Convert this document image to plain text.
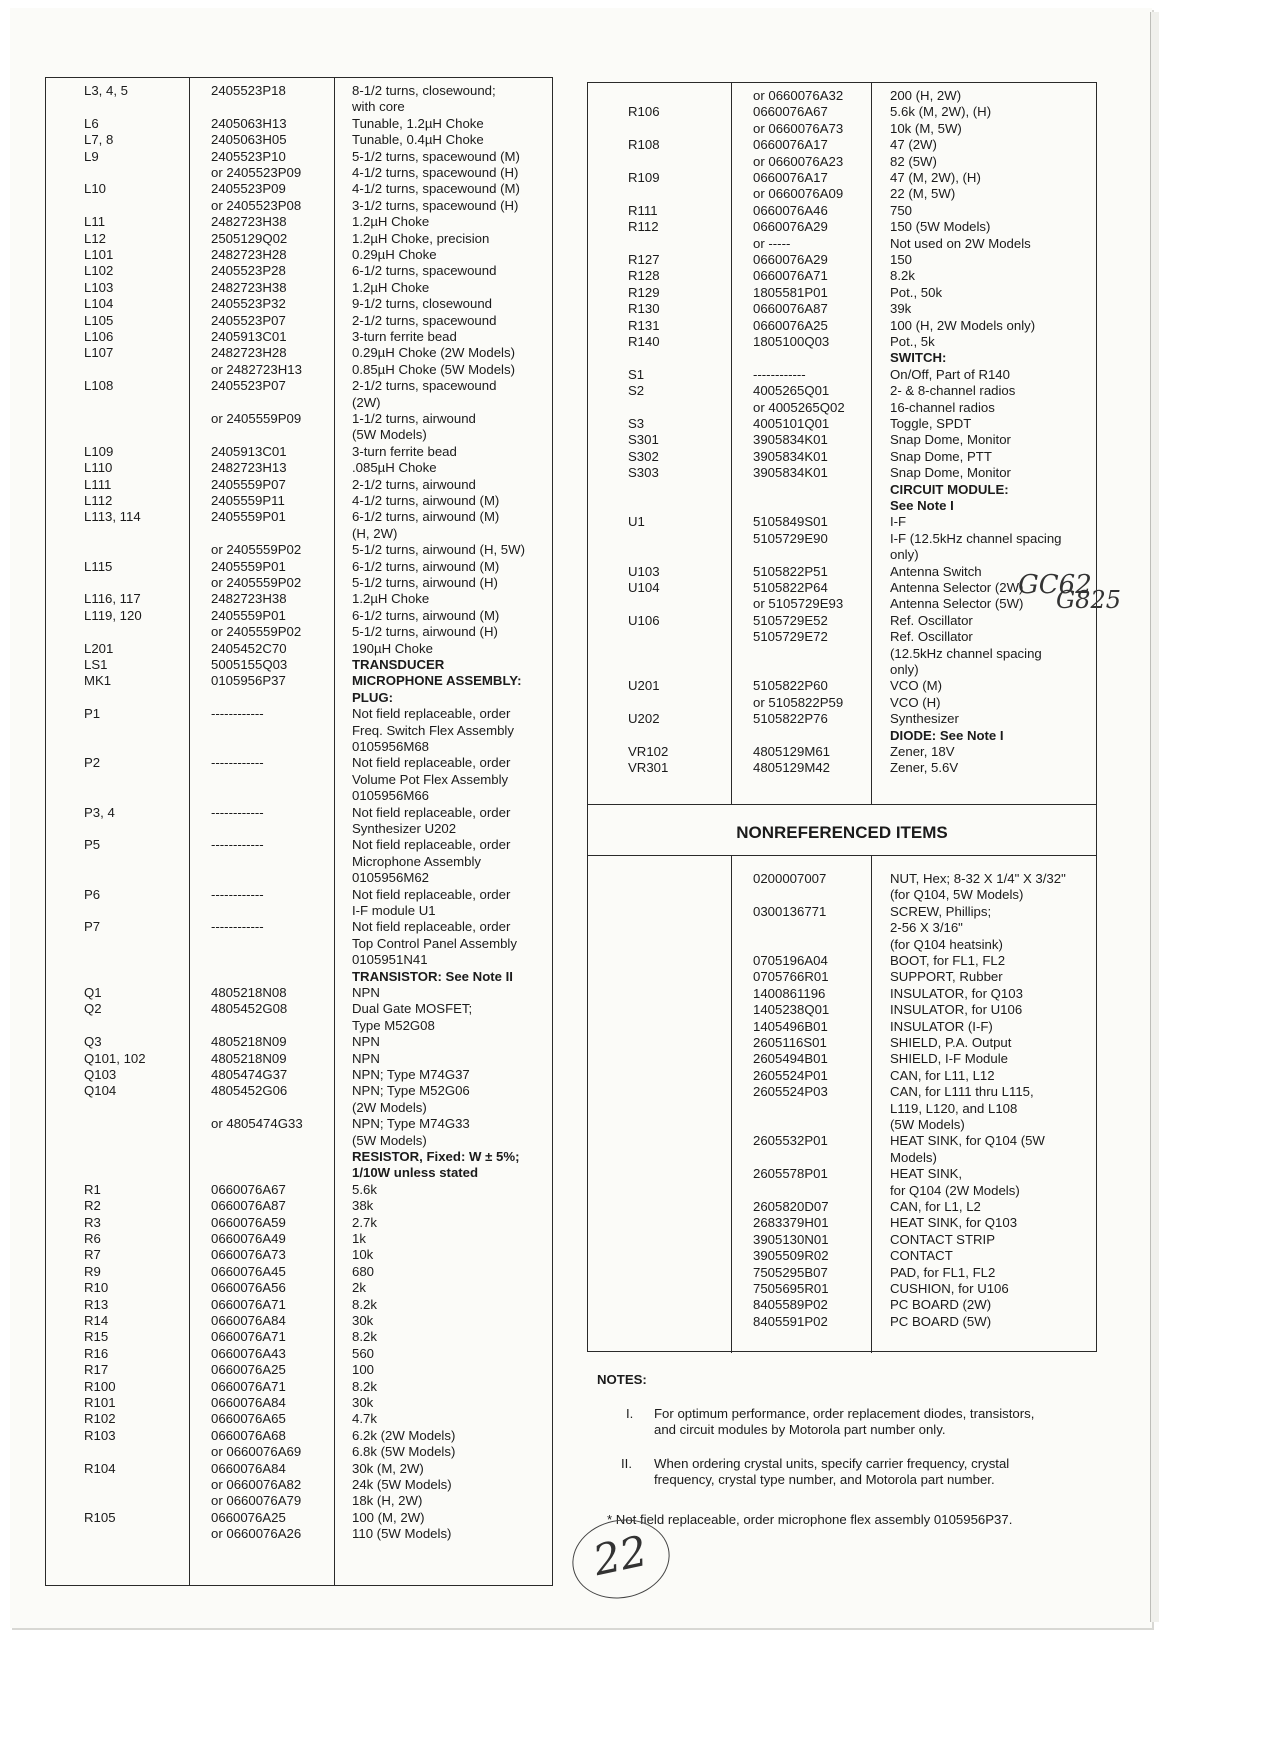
L3, 4, 5	2405523P18	8-1/2 turns, closewound;
with core
L6	2405063H13	Tunable, 1.2µH Choke
L7, 8	2405063H05	Tunable, 0.4µH Choke
L9	2405523P10	5-1/2 turns, spacewound (M)
or 2405523P09	4-1/2 turns, spacewound (H)
L10	2405523P09	4-1/2 turns, spacewound (M)
or 2405523P08	3-1/2 turns, spacewound (H)
L11	2482723H38	1.2µH Choke
L12	2505129Q02	1.2µH Choke, precision
L101	2482723H28	0.29µH Choke
L102	2405523P28	6-1/2 turns, spacewound
L103	2482723H38	1.2µH Choke
L104	2405523P32	9-1/2 turns, closewound
L105	2405523P07	2-1/2 turns, spacewound
L106	2405913C01	3-turn ferrite bead
L107	2482723H28	0.29µH Choke (2W Models)
or 2482723H13	0.85µH Choke (5W Models)
L108	2405523P07	2-1/2 turns, spacewound
(2W)
or 2405559P09	1-1/2 turns, airwound
(5W Models)
L109	2405913C01	3-turn ferrite bead
L110	2482723H13	.085µH Choke
L111	2405559P07	2-1/2 turns, airwound
L112	2405559P11	4-1/2 turns, airwound (M)
L113, 114	2405559P01	6-1/2 turns, airwound (M)
(H, 2W)
or 2405559P02	5-1/2 turns, airwound (H, 5W)
L115	2405559P01	6-1/2 turns, airwound (M)
or 2405559P02	5-1/2 turns, airwound (H)
L116, 117	2482723H38	1.2µH Choke
L119, 120	2405559P01	6-1/2 turns, airwound (M)
or 2405559P02	5-1/2 turns, airwound (H)
L201	2405452C70	190µH Choke
LS1	5005155Q03	TRANSDUCER
MK1	0105956P37	MICROPHONE ASSEMBLY:
PLUG:
P1	------------	Not field replaceable, order
Freq. Switch Flex Assembly
0105956M68
P2	------------	Not field replaceable, order
Volume Pot Flex Assembly
0105956M66
P3, 4	------------	Not field replaceable, order
Synthesizer U202
P5	------------	Not field replaceable, order
Microphone Assembly
0105956M62
P6	------------	Not field replaceable, order
I-F module U1
P7	------------	Not field replaceable, order
Top Control Panel Assembly
0105951N41
TRANSISTOR: See Note II
Q1	4805218N08	NPN
Q2	4805452G08	Dual Gate MOSFET;
Type M52G08
Q3	4805218N09	NPN
Q101, 102	4805218N09	NPN
Q103	4805474G37	NPN; Type M74G37
Q104	4805452G06	NPN; Type M52G06
(2W Models)
or 4805474G33	NPN; Type M74G33
(5W Models)
RESISTOR, Fixed: W ± 5%;
1/10W unless stated
R1	0660076A67	5.6k
R2	0660076A87	38k
R3	0660076A59	2.7k
R6	0660076A49	1k
R7	0660076A73	10k
R9	0660076A45	680
R10	0660076A56	2k
R13	0660076A71	8.2k
R14	0660076A84	30k
R15	0660076A71	8.2k
R16	0660076A43	560
R17	0660076A25	100
R100	0660076A71	8.2k
R101	0660076A84	30k
R102	0660076A65	4.7k
R103	0660076A68	6.2k (2W Models)
or 0660076A69	6.8k (5W Models)
R104	0660076A84	30k (M, 2W)
or 0660076A82	24k (5W Models)
or 0660076A79	18k (H, 2W)
R105	0660076A25	100 (M, 2W)
or 0660076A26	110 (5W Models)
NONREFERENCED ITEMS
or 0660076A32	200 (H, 2W)
R106	0660076A67	5.6k (M, 2W), (H)
or 0660076A73	10k (M, 5W)
R108	0660076A17	47 (2W)
or 0660076A23	82 (5W)
R109	0660076A17	47 (M, 2W), (H)
or 0660076A09	22 (M, 5W)
R111	0660076A46	750
R112	0660076A29	150 (5W Models)
or -----	Not used on 2W Models
R127	0660076A29	150
R128	0660076A71	8.2k
R129	1805581P01	Pot., 50k
R130	0660076A87	39k
R131	0660076A25	100 (H, 2W Models only)
R140	1805100Q03	Pot., 5k
SWITCH:
S1	------------	On/Off, Part of R140
S2	4005265Q01	2- & 8-channel radios
or 4005265Q02	16-channel radios
S3	4005101Q01	Toggle, SPDT
S301	3905834K01	Snap Dome, Monitor
S302	3905834K01	Snap Dome, PTT
S303	3905834K01	Snap Dome, Monitor
CIRCUIT MODULE:
See Note I
U1	5105849S01	I-F
5105729E90	I-F (12.5kHz channel spacing
only)
U103	5105822P51	Antenna Switch
U104	5105822P64	Antenna Selector (2W)
or 5105729E93	Antenna Selector (5W)
U106	5105729E52	Ref. Oscillator
5105729E72	Ref. Oscillator
(12.5kHz channel spacing
only)
U201	5105822P60	VCO (M)
or 5105822P59	VCO (H)
U202	5105822P76	Synthesizer
DIODE: See Note I
VR102	4805129M61	Zener, 18V
VR301	4805129M42	Zener, 5.6V
0200007007	NUT, Hex; 8-32 X 1/4" X 3/32"
(for Q104, 5W Models)
0300136771	SCREW, Phillips;
2-56 X 3/16"
(for Q104 heatsink)
0705196A04	BOOT, for FL1, FL2
0705766R01	SUPPORT, Rubber
1400861196	INSULATOR, for Q103
1405238Q01	INSULATOR, for U106
1405496B01	INSULATOR (I-F)
2605116S01	SHIELD, P.A. Output
2605494B01	SHIELD, I-F Module
2605524P01	CAN, for L11, L12
2605524P03	CAN, for L111 thru L115,
L119, L120, and L108
(5W Models)
2605532P01	HEAT SINK, for Q104 (5W
Models)
2605578P01	HEAT SINK,
for Q104 (2W Models)
2605820D07	CAN, for L1, L2
2683379H01	HEAT SINK, for Q103
3905130N01	CONTACT STRIP
3905509R02	CONTACT
7505295B07	PAD, for FL1, FL2
7505695R01	CUSHION, for U106
8405589P02	PC BOARD (2W)
8405591P02	PC BOARD (5W)
NOTES:
I. For optimum performance, order replacement diodes, transistors,
and circuit modules by Motorola part number only.
II. When ordering crystal units, specify carrier frequency, crystal
frequency, crystal type number, and Motorola part number.
* Not field replaceable, order microphone flex assembly 0105956P37.
GC62
G825
22
